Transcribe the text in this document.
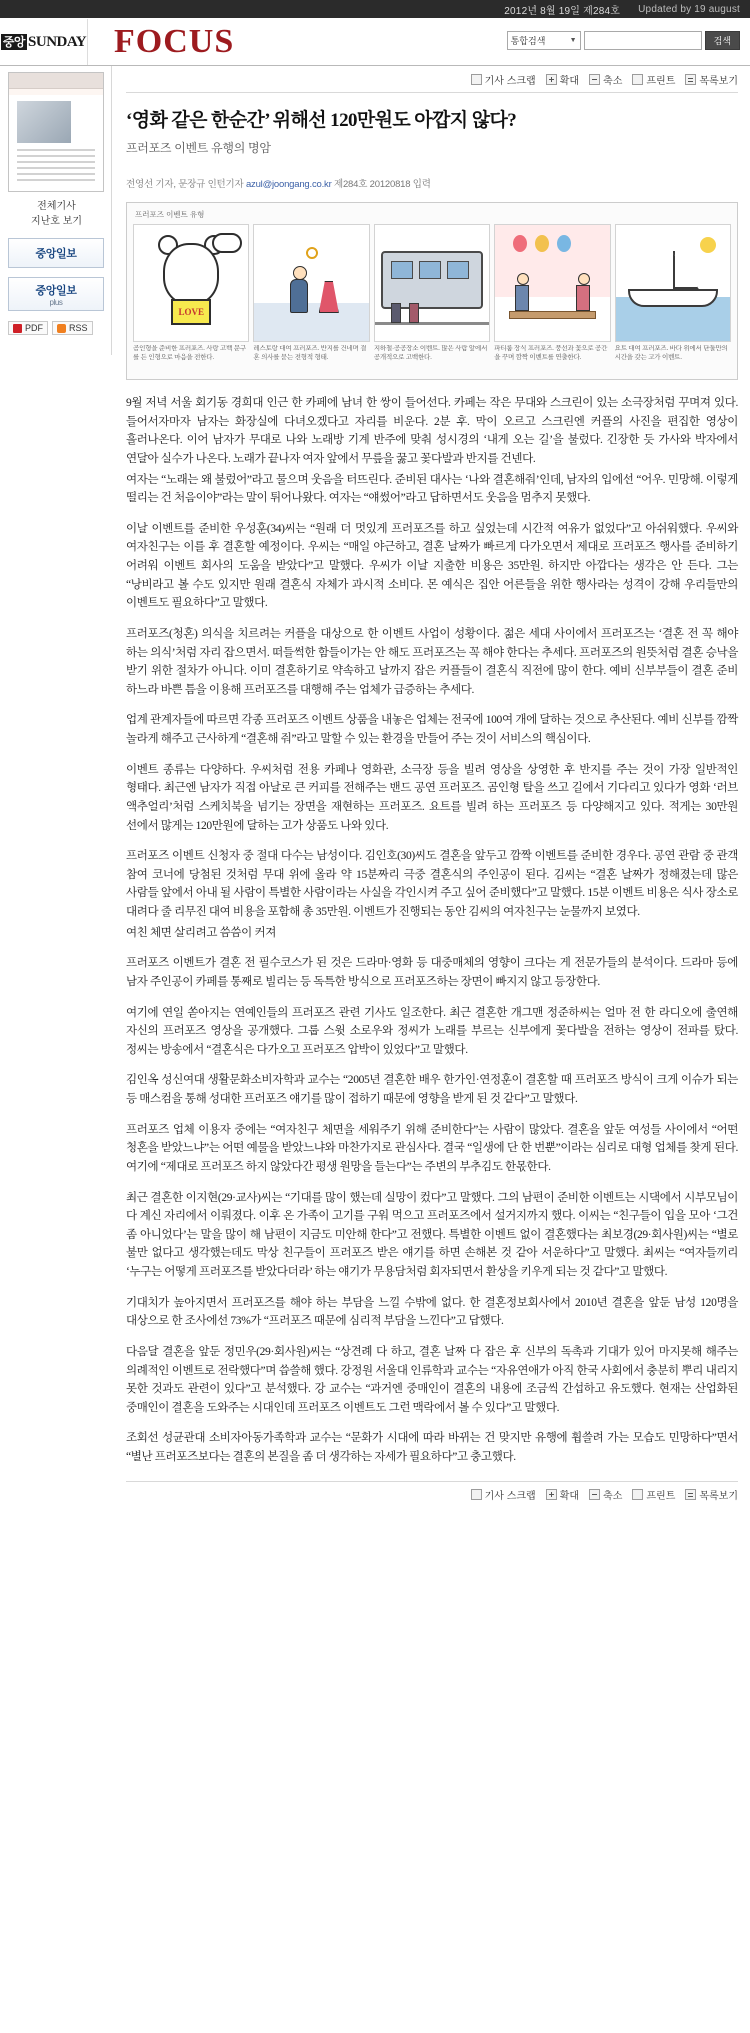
2012년 8월 19일 제284호 Updated by 19 august
중앙 SUNDAY FOCUS	통합검색	▼	검색
전체기사
지난호 보기
중앙일보
중앙일보
plus
PDF	RSS
기사 스크랩 확대 축소 프린트 목록보기
‘영화 같은 한순간’ 위해선 120만원도 아깝지 않다?
프러포즈 이벤트 유행의 명암
전영선 기자, 문장규 인턴기자 azul@joongang.co.kr 제284호 20120818 입력
프러포즈 이벤트 유형
LOVE
곰인형을 준비한 프러포즈. 사랑 고백 문구를 든 인형으로 마음을 전한다.
레스토랑 대여 프러포즈. 반지를 건네며 결혼 의사를 묻는 전형적 형태.
지하철·공공장소 이벤트. 많은 사람 앞에서 공개적으로 고백한다.
파티룸 장식 프러포즈. 풍선과 꽃으로 공간을 꾸며 깜짝 이벤트를 연출한다.
요트 대여 프러포즈. 바다 위에서 단둘만의 시간을 갖는 고가 이벤트.

9월 저녁 서울 회기동 경희대 인근 한 카페에 남녀 한 쌍이 들어선다. 카페는 작은 무대와 스크린이 있는 소극장처럼 꾸며져 있다. 들어서자마자 남자는 화장실에 다녀오겠다고 자리를 비운다. 2분 후. 막이 오르고 스크린엔 커플의 사진을 편집한 영상이 흘러나온다. 이어 남자가 무대로 나와 노래방 기계 반주에 맞춰 성시경의 ‘내게 오는 길’을 불렀다. 긴장한 듯 가사와 박자에서 연달아 실수가 나온다. 노래가 끝나자 여자 앞에서 무릎을 꿇고 꽃다발과 반지를 건넨다.

여자는 “노래는 왜 불렀어”라고 물으며 웃음을 터뜨린다. 준비된 대사는 ‘나와 결혼해줘’인데, 남자의 입에선 “어우. 민망해. 이렇게 떨리는 건 처음이야”라는 말이 튀어나왔다. 여자는 “얘썼어”라고 답하면서도 웃음을 멈추지 못했다.

이날 이벤트를 준비한 우성훈(34)씨는 “원래 더 멋있게 프러포즈를 하고 싶었는데 시간적 여유가 없었다”고 아쉬워했다. 우씨와 여자친구는 이를 후 결혼할 예정이다. 우씨는 “매일 야근하고, 결혼 날짜가 빠르게 다가오면서 제대로 프러포즈 행사를 준비하기 어려워 이벤트 회사의 도움을 받았다”고 말했다. 우씨가 이날 지출한 비용은 35만원. 하지만 아깝다는 생각은 안 든다. 그는 “낭비라고 볼 수도 있지만 원래 결혼식 자체가 과시적 소비다. 몬 예식은 집안 어른들을 위한 행사라는 성격이 강해 우리들만의 이벤트도 필요하다”고 말했다.

프러포즈(청혼) 의식을 치르려는 커플을 대상으로 한 이벤트 사업이 성황이다. 젊은 세대 사이에서 프러포즈는 ‘결혼 전 꼭 해야 하는 의식’처럼 자리 잡으면서. 떠들썩한 함들이가는 안 해도 프러포즈는 꼭 해야 한다는 추세다. 프러포즈의 원뜻처럼 결혼 승낙을 받기 위한 절차가 아니다. 이미 결혼하기로 약속하고 날까지 잡은 커플들이 결혼식 직전에 많이 한다. 예비 신부부들이 결혼 준비 하느라 바쁜 틈을 이용해 프러포즈를 대행해 주는 업체가 급증하는 추세다.

업계 관계자들에 따르면 각종 프러포즈 이벤트 상품을 내놓은 업체는 전국에 100여 개에 달하는 것으로 추산된다. 예비 신부를 깜짝 놀라게 해주고 근사하게 “결혼해 줘”라고 말할 수 있는 환경을 만들어 주는 것이 서비스의 핵심이다.

이벤트 종류는 다양하다. 우씨처럼 전용 카페나 영화관, 소극장 등을 빌려 영상을 상영한 후 반지를 주는 것이 가장 일반적인 형태다. 최근엔 남자가 직접 아날로 큰 커피를 전해주는 밴드 공연 프러포즈. 곰인형 탈을 쓰고 길에서 기다리고 있다가 영화 ‘러브 액추얼리’처럼 스케치북을 넘기는 장면을 재현하는 프러포즈. 요트를 빌려 하는 프러포즈 등 다양해지고 있다. 적게는 30만원 선에서 많게는 120만원에 달하는 고가 상품도 나와 있다.

프러포즈 이벤트 신청자 중 절대 다수는 남성이다. 김인호(30)씨도 결혼을 앞두고 깜짝 이벤트를 준비한 경우다. 공연 관람 중 관객 참여 코너에 당첨된 것처럼 무대 위에 올라 약 15분짜리 극중 결혼식의 주인공이 된다. 김씨는 “결혼 날짜가 정해졌는데 많은 사람들 앞에서 아내 될 사람이 특별한 사람이라는 사실을 각인시켜 주고 싶어 준비했다”고 말했다. 15분 이벤트 비용은 식사 장소로 대려다 줄 리무진 대여 비용을 포함해 총 35만원. 이벤트가 진행되는 동안 김씨의 여자친구는 눈물까지 보였다.

여친 체면 살리려고 씀씀이 커져

프러포즈 이벤트가 결혼 전 필수코스가 된 것은 드라마·영화 등 대중매체의 영향이 크다는 게 전문가들의 분석이다. 드라마 등에 남자 주인공이 카페를 통째로 빌리는 등 독특한 방식으로 프러포즈하는 장면이 빠지지 않고 등장한다.

여기에 연일 쏟아지는 연예인들의 프러포즈 관련 기사도 일조한다. 최근 결혼한 개그맨 정준하씨는 얼마 전 한 라디오에 출연해 자신의 프러포즈 영상을 공개했다. 그룹 스윗 소로우와 정씨가 노래를 부르는 신부에게 꽃다발을 전하는 영상이 전파를 탔다. 정씨는 방송에서 “결혼식은 다가오고 프러포즈 압박이 있었다”고 말했다.

김인옥 성신여대 생활문화소비자학과 교수는 “2005년 결혼한 배우 한가인·연정훈이 결혼할 때 프러포즈 방식이 크게 이슈가 되는 등 매스컴을 통해 성대한 프러포즈 얘기를 많이 접하기 때문에 영향을 받게 된 것 같다”고 말했다.

프러포즈 업체 이용자 중에는 “여자친구 체면을 세워주기 위해 준비한다”는 사람이 많았다. 결혼을 앞둔 여성들 사이에서 “어떤 청혼을 받았느냐”는 어떤 예물을 받았느냐와 마찬가지로 관심사다. 결국 “일생에 단 한 번뿐”이라는 심리로 대형 업체를 찾게 된다. 여기에 “제대로 프러포즈 하지 않았다간 평생 원망을 들는다”는 주변의 부추김도 한몫한다.

최근 결혼한 이지현(29·교사)씨는 “기대를 많이 했는데 실망이 컸다”고 말했다. 그의 남편이 준비한 이벤트는 시댁에서 시부모님이 다 계신 자리에서 이뤄졌다. 이후 온 가족이 고기를 구워 먹으고 프러포즈에서 설거지까지 했다. 이씨는 “친구들이 입을 모아 ‘그건 좀 아니었다’는 말을 많이 해 남편이 지금도 미안해 한다”고 전했다. 특별한 이벤트 없이 결혼했다는 최보경(29·회사원)씨는 “별로 불만 없다고 생각했는데도 막상 친구들이 프러포즈 받은 얘기를 하면 손해본 것 같아 서운하다”고 말했다. 최씨는 “여자들끼리 ‘누구는 어떻게 프러포즈를 받았다더라’ 하는 얘기가 무용담처럼 회자되면서 환상을 키우게 되는 것 같다”고 말했다.

기대치가 높아지면서 프러포즈를 해야 하는 부담을 느낄 수밖에 없다. 한 결혼정보회사에서 2010년 결혼을 앞둔 남성 120명을 대상으로 한 조사에선 73%가 “프러포즈 때문에 심리적 부담을 느낀다”고 답했다.

다음달 결혼을 앞둔 정민우(29·회사원)씨는 “상견례 다 하고, 결혼 날짜 다 잡은 후 신부의 독촉과 기대가 있어 마지못해 해주는 의례적인 이벤트로 전락했다”며 씁쓸해 했다. 강정원 서울대 인류학과 교수는 “자유연애가 아직 한국 사회에서 충분히 뿌리 내리지 못한 것과도 관련이 있다”고 분석했다. 강 교수는 “과거엔 중매인이 결혼의 내용에 조금씩 간섭하고 유도했다. 현재는 산업화된 중매인이 결혼을 도와주는 시대인데 프러포즈 이벤트도 그런 맥락에서 볼 수 있다”고 말했다.

조회선 성균관대 소비자아동가족학과 교수는 “문화가 시대에 따라 바뀌는 건 맞지만 유행에 휩쓸려 가는 모습도 민망하다”면서 “별난 프러포즈보다는 결혼의 본질을 좀 더 생각하는 자세가 필요하다”고 충고했다.

기사 스크랩 확대 축소 프린트 목록보기
